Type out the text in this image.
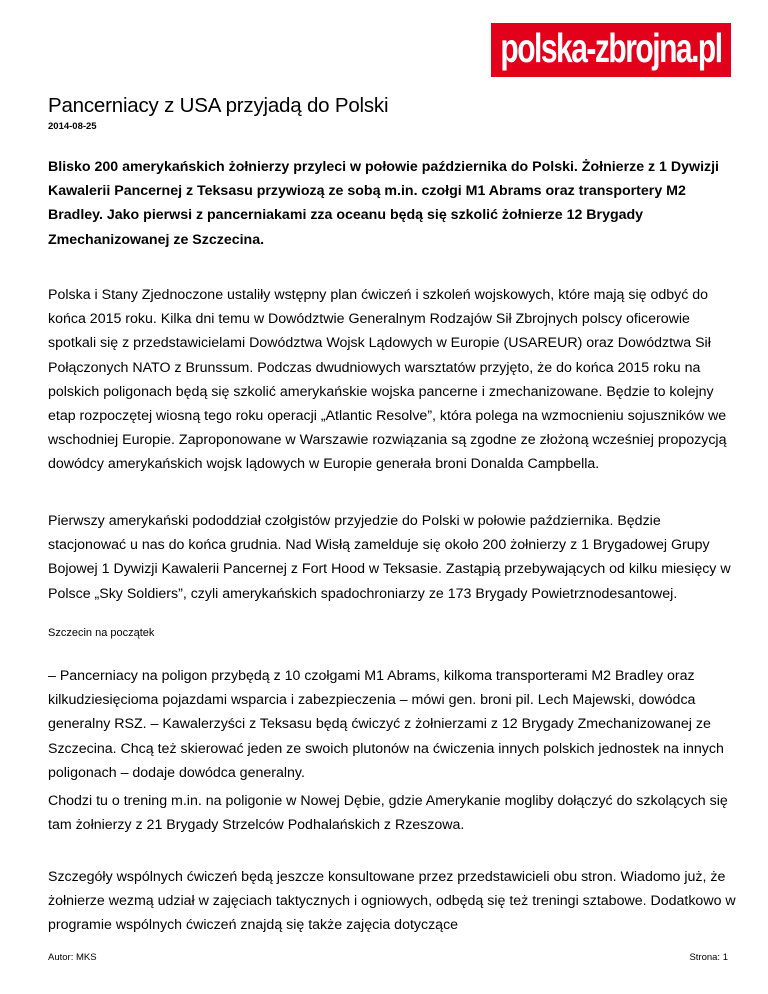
polska-zbrojna.pl
Pancerniacy z USA przyjadą do Polski
2014-08-25

Blisko 200 amerykańskich żołnierzy przyleci w połowie października do Polski. Żołnierze z 1 Dywizji Kawalerii Pancernej z Teksasu przywiozą ze sobą m.in. czołgi M1 Abrams oraz transportery M2 Bradley. Jako pierwsi z pancerniakami zza oceanu będą się szkolić żołnierze 12 Brygady Zmechanizowanej ze Szczecina.

Polska i Stany Zjednoczone ustaliły wstępny plan ćwiczeń i szkoleń wojskowych, które mają się odbyć do końca 2015 roku. Kilka dni temu w Dowództwie Generalnym Rodzajów Sił Zbrojnych polscy oficerowie spotkali się z przedstawicielami Dowództwa Wojsk Lądowych w Europie (USAREUR) oraz Dowództwa Sił Połączonych NATO z Brunssum. Podczas dwudniowych warsztatów przyjęto, że do końca 2015 roku na polskich poligonach będą się szkolić amerykańskie wojska pancerne i zmechanizowane. Będzie to kolejny etap rozpoczętej wiosną tego roku operacji „Atlantic Resolve”, która polega na wzmocnieniu sojuszników we wschodniej Europie. Zaproponowane w Warszawie rozwiązania są zgodne ze złożoną wcześniej propozycją dowódcy amerykańskich wojsk lądowych w Europie generała broni Donalda Campbella.

Pierwszy amerykański pododdział czołgistów przyjedzie do Polski w połowie października. Będzie stacjonować u nas do końca grudnia. Nad Wisłą zamelduje się około 200 żołnierzy z 1 Brygadowej Grupy Bojowej 1 Dywizji Kawalerii Pancernej z Fort Hood w Teksasie. Zastąpią przebywających od kilku miesięcy w Polsce „Sky Soldiers”, czyli amerykańskich spadochroniarzy ze 173 Brygady Powietrznodesantowej.

Szczecin na początek

– Pancerniacy na poligon przybędą z 10 czołgami M1 Abrams, kilkoma transporterami M2 Bradley oraz kilkudziesięcioma pojazdami wsparcia i zabezpieczenia – mówi gen. broni pil. Lech Majewski, dowódca generalny RSZ. – Kawalerzyści z Teksasu będą ćwiczyć z żołnierzami z 12 Brygady Zmechanizowanej ze Szczecina. Chcą też skierować jeden ze swoich plutonów na ćwiczenia innych polskich jednostek na innych poligonach – dodaje dowódca generalny.

Chodzi tu o trening m.in. na poligonie w Nowej Dębie, gdzie Amerykanie mogliby dołączyć do szkolących się tam żołnierzy z 21 Brygady Strzelców Podhalańskich z Rzeszowa.

Szczegóły wspólnych ćwiczeń będą jeszcze konsultowane przez przedstawicieli obu stron. Wiadomo już, że żołnierze wezmą udział w zajęciach taktycznych i ogniowych, odbędą się też treningi sztabowe. Dodatkowo w programie wspólnych ćwiczeń znajdą się także zajęcia dotyczące

Autor: MKS	Strona: 1
